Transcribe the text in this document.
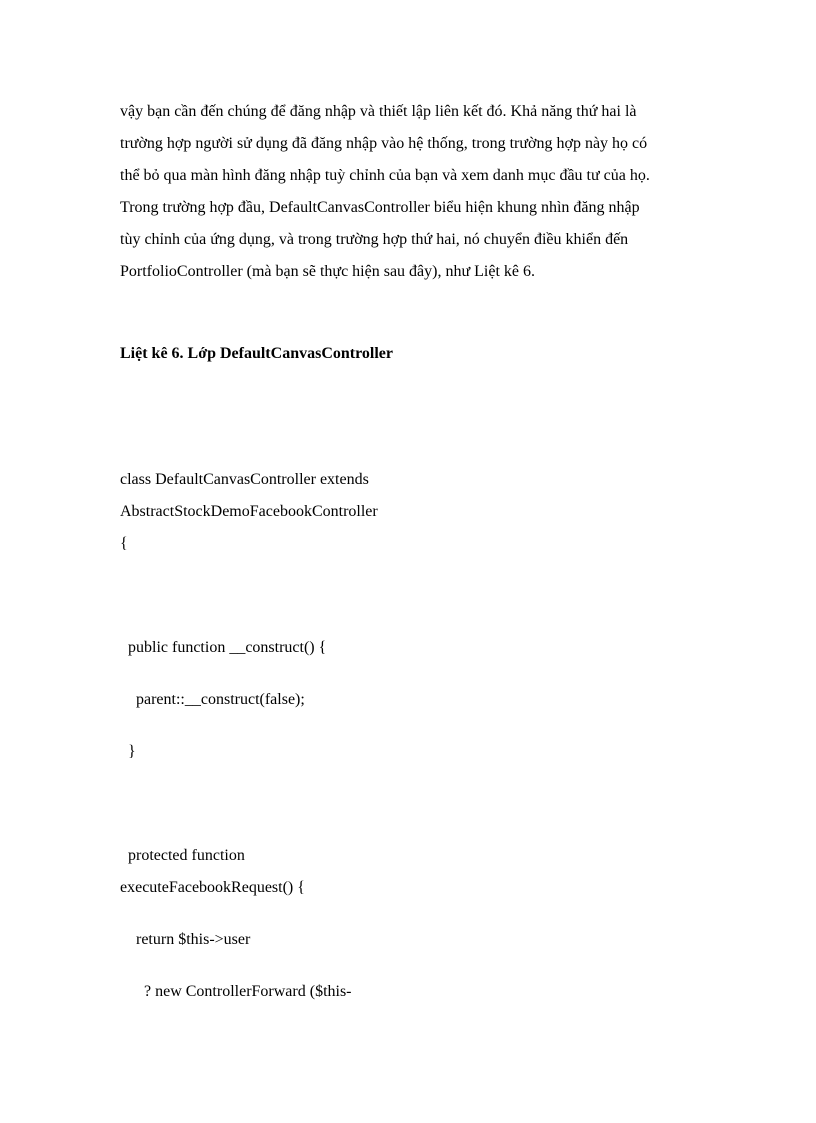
vậy bạn cần đến chúng để đăng nhập và thiết lập liên kết đó. Khả năng thứ hai là

trường hợp người sử dụng đã đăng nhập vào hệ thống, trong trường hợp này họ có

thể bỏ qua màn hình đăng nhập tuỳ chỉnh của bạn và xem danh mục đầu tư của họ.

Trong trường hợp đầu, DefaultCanvasController biểu hiện khung nhìn đăng nhập

tùy chỉnh của ứng dụng, và trong trường hợp thứ hai, nó chuyển điều khiển đến

PortfolioController (mà bạn sẽ thực hiện sau đây), như Liệt kê 6.

Liệt kê 6. Lớp DefaultCanvasController

class DefaultCanvasController extends

AbstractStockDemoFacebookController

{

public function __construct() {

parent::__construct(false);

}

protected function

executeFacebookRequest() {

return $this->user

? new ControllerForward ($this-
